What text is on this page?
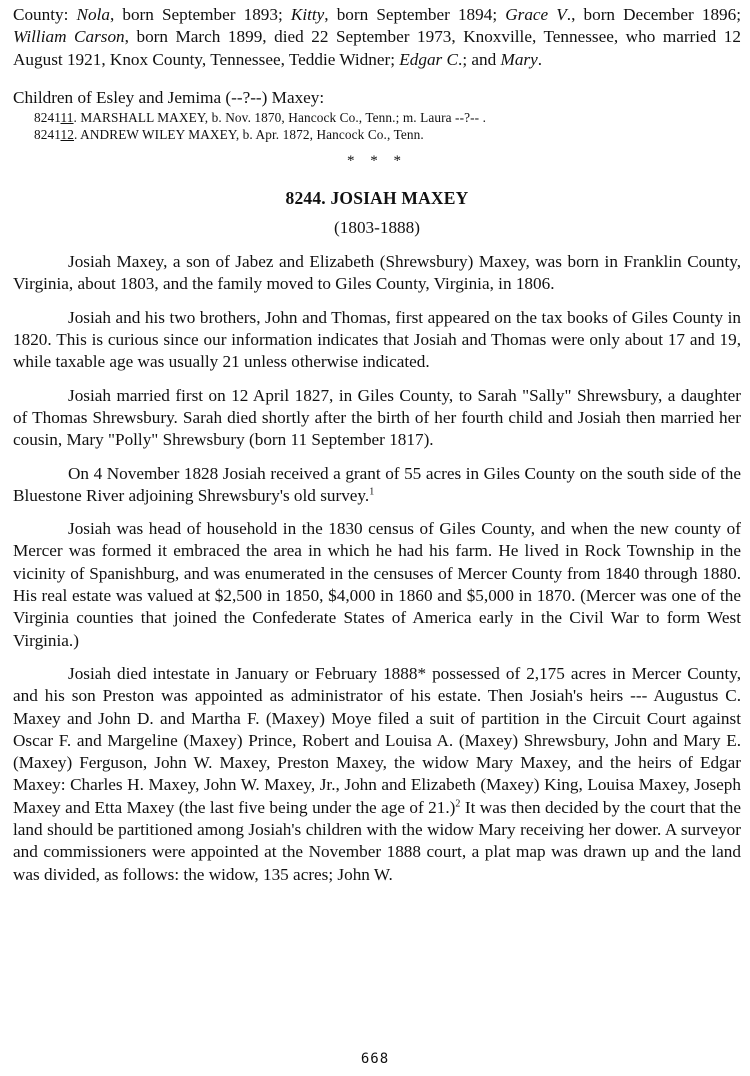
County: Nola, born September 1893; Kitty, born September 1894; Grace V., born December 1896; William Carson, born March 1899, died 22 September 1973, Knoxville, Tennessee, who married 12 August 1921, Knox County, Tennessee, Teddie Widner; Edgar C.; and Mary.

Children of Esley and Jemima (--?--) Maxey:
824111. MARSHALL MAXEY, b. Nov. 1870, Hancock Co., Tenn.; m. Laura --?-- .
824112. ANDREW WILEY MAXEY, b. Apr. 1872, Hancock Co., Tenn.
* * *
8244. JOSIAH MAXEY
(1803-1888)

Josiah Maxey, a son of Jabez and Elizabeth (Shrewsbury) Maxey, was born in Franklin County, Virginia, about 1803, and the family moved to Giles County, Virginia, in 1806.

Josiah and his two brothers, John and Thomas, first appeared on the tax books of Giles County in 1820. This is curious since our information indicates that Josiah and Thomas were only about 17 and 19, while taxable age was usually 21 unless otherwise indicated.

Josiah married first on 12 April 1827, in Giles County, to Sarah "Sally" Shrewsbury, a daughter of Thomas Shrewsbury. Sarah died shortly after the birth of her fourth child and Josiah then married her cousin, Mary "Polly" Shrewsbury (born 11 September 1817).

On 4 November 1828 Josiah received a grant of 55 acres in Giles County on the south side of the Bluestone River adjoining Shrewsbury's old survey.$^1$

Josiah was head of household in the 1830 census of Giles County, and when the new county of Mercer was formed it embraced the area in which he had his farm. He lived in Rock Township in the vicinity of Spanishburg, and was enumerated in the censuses of Mercer County from 1840 through 1880. His real estate was valued at $2,500 in 1850, $4,000 in 1860 and $5,000 in 1870. (Mercer was one of the Virginia counties that joined the Confederate States of America early in the Civil War to form West Virginia.)

Josiah died intestate in January or February 1888* possessed of 2,175 acres in Mercer County, and his son Preston was appointed as administrator of his estate. Then Josiah's heirs --- Augustus C. Maxey and John D. and Martha F. (Maxey) Moye filed a suit of partition in the Circuit Court against Oscar F. and Margeline (Maxey) Prince, Robert and Louisa A. (Maxey) Shrewsbury, John and Mary E. (Maxey) Ferguson, John W. Maxey, Preston Maxey, the widow Mary Maxey, and the heirs of Edgar Maxey: Charles H. Maxey, John W. Maxey, Jr., John and Elizabeth (Maxey) King, Louisa Maxey, Joseph Maxey and Etta Maxey (the last five being under the age of 21.)$^2$ It was then decided by the court that the land should be partitioned among Josiah's children with the widow Mary receiving her dower. A surveyor and commissioners were appointed at the November 1888 court, a plat map was drawn up and the land was divided, as follows: the widow, 135 acres; John W.

668
